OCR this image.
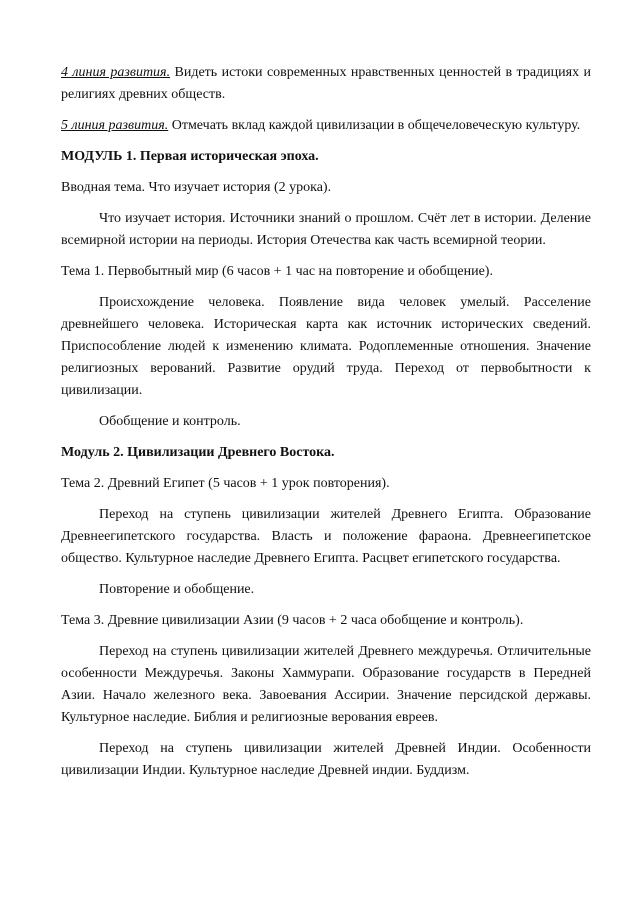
4 линия развития. Видеть истоки современных нравственных ценностей в традициях и религиях древних обществ.

5 линия развития. Отмечать вклад каждой цивилизации в общечеловеческую культуру.

МОДУЛЬ 1. Первая историческая эпоха.

Вводная тема. Что изучает история (2 урока).

Что изучает история. Источники знаний о прошлом. Счёт лет в истории. Деление всемирной истории на периоды. История Отечества как часть всемирной теории.

Тема 1. Первобытный мир (6 часов + 1 час на повторение и обобщение).

Происхождение человека. Появление вида человек умелый. Расселение древнейшего человека. Историческая карта как источник исторических сведений. Приспособление людей к изменению климата. Родоплеменные отношения. Значение религиозных верований. Развитие орудий труда. Переход от первобытности к цивилизации.

Обобщение и контроль.

Модуль 2. Цивилизации Древнего Востока.

Тема 2. Древний Египет (5 часов + 1 урок повторения).

Переход на ступень цивилизации жителей Древнего Египта. Образование Древнеегипетского государства. Власть и положение фараона. Древнеегипетское общество. Культурное наследие Древнего Египта. Расцвет египетского государства.

Повторение и обобщение.

Тема 3. Древние цивилизации Азии (9 часов + 2 часа обобщение и контроль).

Переход на ступень цивилизации жителей Древнего междуречья. Отличительные особенности Междуречья. Законы Хаммурапи. Образование государств в Передней Азии. Начало железного века. Завоевания Ассирии. Значение персидской державы. Культурное наследие. Библия и религиозные верования евреев.

Переход на ступень цивилизации жителей Древней Индии. Особенности цивилизации Индии. Культурное наследие Древней индии. Буддизм.
